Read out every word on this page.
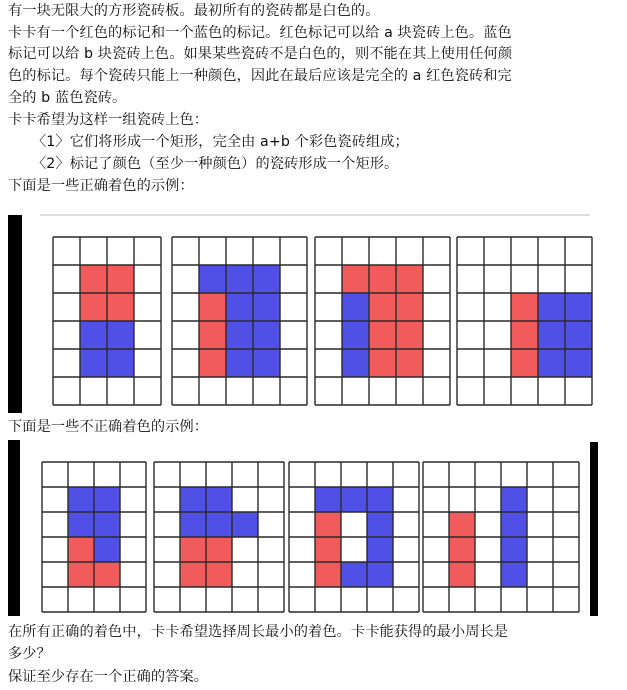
有一块无限大的方形瓷砖板。最初所有的瓷砖都是白色的。
卡卡有一个红色的标记和一个蓝色的标记。红色标记可以给 a 块瓷砖上色。蓝色
标记可以给 b 块瓷砖上色。如果某些瓷砖不是白色的，则不能在其上使用任何颜
色的标记。每个瓷砖只能上一种颜色，因此在最后应该是完全的 a 红色瓷砖和完
全的 b 蓝色瓷砖。
卡卡希望为这样一组瓷砖上色：
〈1〉它们将形成一个矩形，完全由 a+b 个彩色瓷砖组成；
〈2〉标记了颜色（至少一种颜色）的瓷砖形成一个矩形。
下面是一些正确着色的示例：
下面是一些不正确着色的示例：
在所有正确的着色中，卡卡希望选择周长最小的着色。卡卡能获得的最小周长是
多少？
保证至少存在一个正确的答案。
